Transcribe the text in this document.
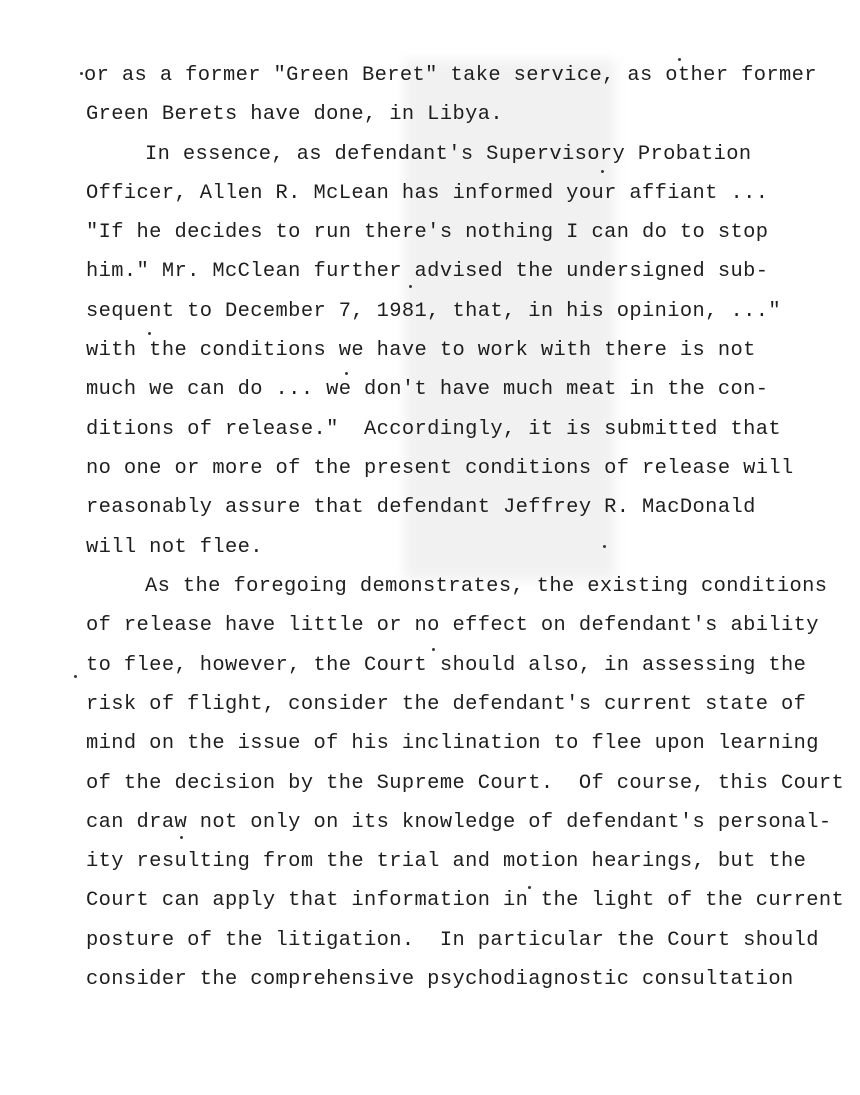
or as a former "Green Beret" take service, as other former
Green Berets have done, in Libya.
In essence, as defendant's Supervisory Probation
Officer, Allen R. McLean has informed your affiant ...
"If he decides to run there's nothing I can do to stop
him." Mr. McClean further advised the undersigned sub-
sequent to December 7, 1981, that, in his opinion, ..."
with the conditions we have to work with there is not
much we can do ... we don't have much meat in the con-
ditions of release."  Accordingly, it is submitted that
no one or more of the present conditions of release will
reasonably assure that defendant Jeffrey R. MacDonald
will not flee.
As the foregoing demonstrates, the existing conditions
of release have little or no effect on defendant's ability
to flee, however, the Court should also, in assessing the
risk of flight, consider the defendant's current state of
mind on the issue of his inclination to flee upon learning
of the decision by the Supreme Court.  Of course, this Court
can draw not only on its knowledge of defendant's personal-
ity resulting from the trial and motion hearings, but the
Court can apply that information in the light of the current
posture of the litigation.  In particular the Court should
consider the comprehensive psychodiagnostic consultation
